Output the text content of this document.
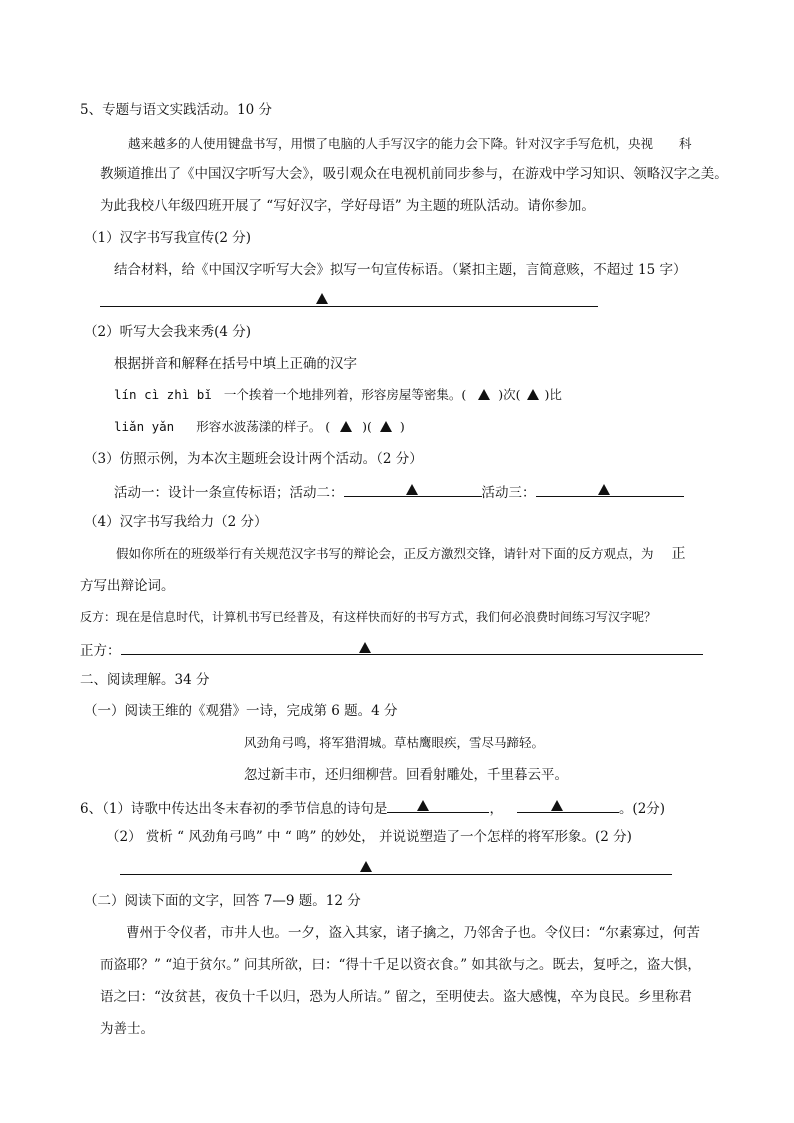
5、专题与语文实践活动。10 分
越来越多的人使用键盘书写，用惯了电脑的人手写汉字的能力会下降。针对汉字手写危机，央视 科
教频道推出了《中国汉字听写大会》，吸引观众在电视机前同步参与，在游戏中学习知识、领略汉字之美。
为此我校八年级四班开展了 “写好汉字，学好母语” 为主题的班队活动。请你参加。
（1）汉字书写我宣传(2 分)
结合材料，给《中国汉字听写大会》拟写一句宣传标语。（紧扣主题，言简意赅，不超过 15 字）
（2）听写大会我来秀(4 分)
根据拼音和解释在括号中填上正确的汉字
lín cì zhì bǐ 一个挨着一个地排列着，形容房屋等密集。(	)次( )比
liǎn yǎn 形容水波荡漾的样子。 (	)( )
（3）仿照示例，为本次主题班会设计两个活动。（2 分）
活动一：设计一条宣传标语；活动二：	活动三：
（4）汉字书写我给力（2 分）
假如你所在的班级举行有关规范汉字书写的辩论会，正反方激烈交锋，请针对下面的反方观点，为 正
方写出辩论词。
反方：现在是信息时代，计算机书写已经普及，有这样快而好的书写方式，我们何必浪费时间练习写汉字呢？
正方：
二、阅读理解。34 分
（一）阅读王维的《观猎》一诗，完成第 6 题。4 分
风劲角弓鸣，将军猎渭城。草枯鹰眼疾，雪尽马蹄轻。
忽过新丰市，还归细柳营。回看射雕处，千里暮云平。
6、（1）诗歌中传达出冬末春初的季节信息的诗句是	，	。(2分)
（2） 赏析 “ 风劲角弓鸣” 中 “ 鸣” 的妙处， 并说说塑造了一个怎样的将军形象。(2 分)
（二）阅读下面的文字，回答 7—9 题。12 分
曹州于令仪者，市井人也。一夕，盗入其家，诸子擒之，乃邻舍子也。令仪曰：“尔素寡过，何苦
而盗耶？” “迫于贫尔。” 问其所欲，曰：“得十千足以资衣食。” 如其欲与之。既去，复呼之，盗大惧，
语之曰：“汝贫甚，夜负十千以归，恐为人所诘。” 留之，至明使去。盗大感愧，卒为良民。乡里称君
为善士。
